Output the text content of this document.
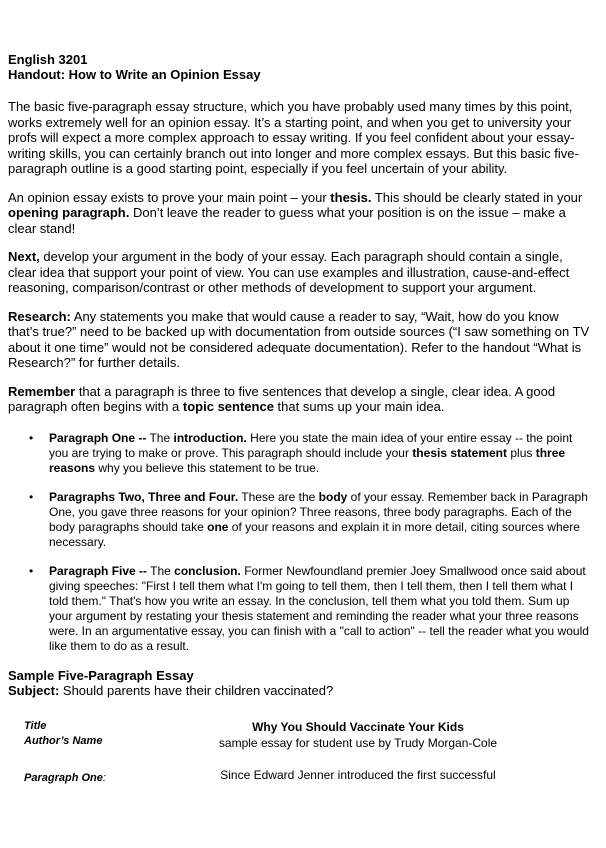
English 3201

Handout: How to Write an Opinion Essay

The basic five-paragraph essay structure, which you have probably used many times by this point, works extremely well for an opinion essay. It’s a starting point, and when you get to university your profs will expect a more complex approach to essay writing. If you feel confident about your essay-writing skills, you can certainly branch out into longer and more complex essays. But this basic five-paragraph outline is a good starting point, especially if you feel uncertain of your ability.

An opinion essay exists to prove your main point – your thesis. This should be clearly stated in your opening paragraph. Don’t leave the reader to guess what your position is on the issue – make a clear stand!

Next, develop your argument in the body of your essay. Each paragraph should contain a single, clear idea that support your point of view. You can use examples and illustration, cause-and-effect reasoning, comparison/contrast or other methods of development to support your argument.

Research: Any statements you make that would cause a reader to say, “Wait, how do you know that’s true?” need to be backed up with documentation from outside sources (“I saw something on TV about it one time” would not be considered adequate documentation). Refer to the handout “What is Research?” for further details.

Remember that a paragraph is three to five sentences that develop a single, clear idea. A good paragraph often begins with a topic sentence that sums up your main idea.

• Paragraph One -- The introduction. Here you state the main idea of your entire essay -- the point you are trying to make or prove. This paragraph should include your thesis statement plus three reasons why you believe this statement to be true.
• Paragraphs Two, Three and Four. These are the body of your essay. Remember back in Paragraph One, you gave three reasons for your opinion? Three reasons, three body paragraphs. Each of the body paragraphs should take one of your reasons and explain it in more detail, citing sources where necessary.
• Paragraph Five -- The conclusion. Former Newfoundland premier Joey Smallwood once said about giving speeches: "First I tell them what I'm going to tell them, then I tell them, then I tell them what I told them." That's how you write an essay. In the conclusion, tell them what you told them. Sum up your argument by restating your thesis statement and reminding the reader what your three reasons were. In an argumentative essay, you can finish with a "call to action" -- tell the reader what you would like them to do as a result.

Sample Five-Paragraph Essay

Subject: Should parents have their children vaccinated?

Title
Author’s Name
Paragraph One:
Why You Should Vaccinate Your Kids
sample essay for student use by Trudy Morgan-Cole
Since Edward Jenner introduced the first successful
